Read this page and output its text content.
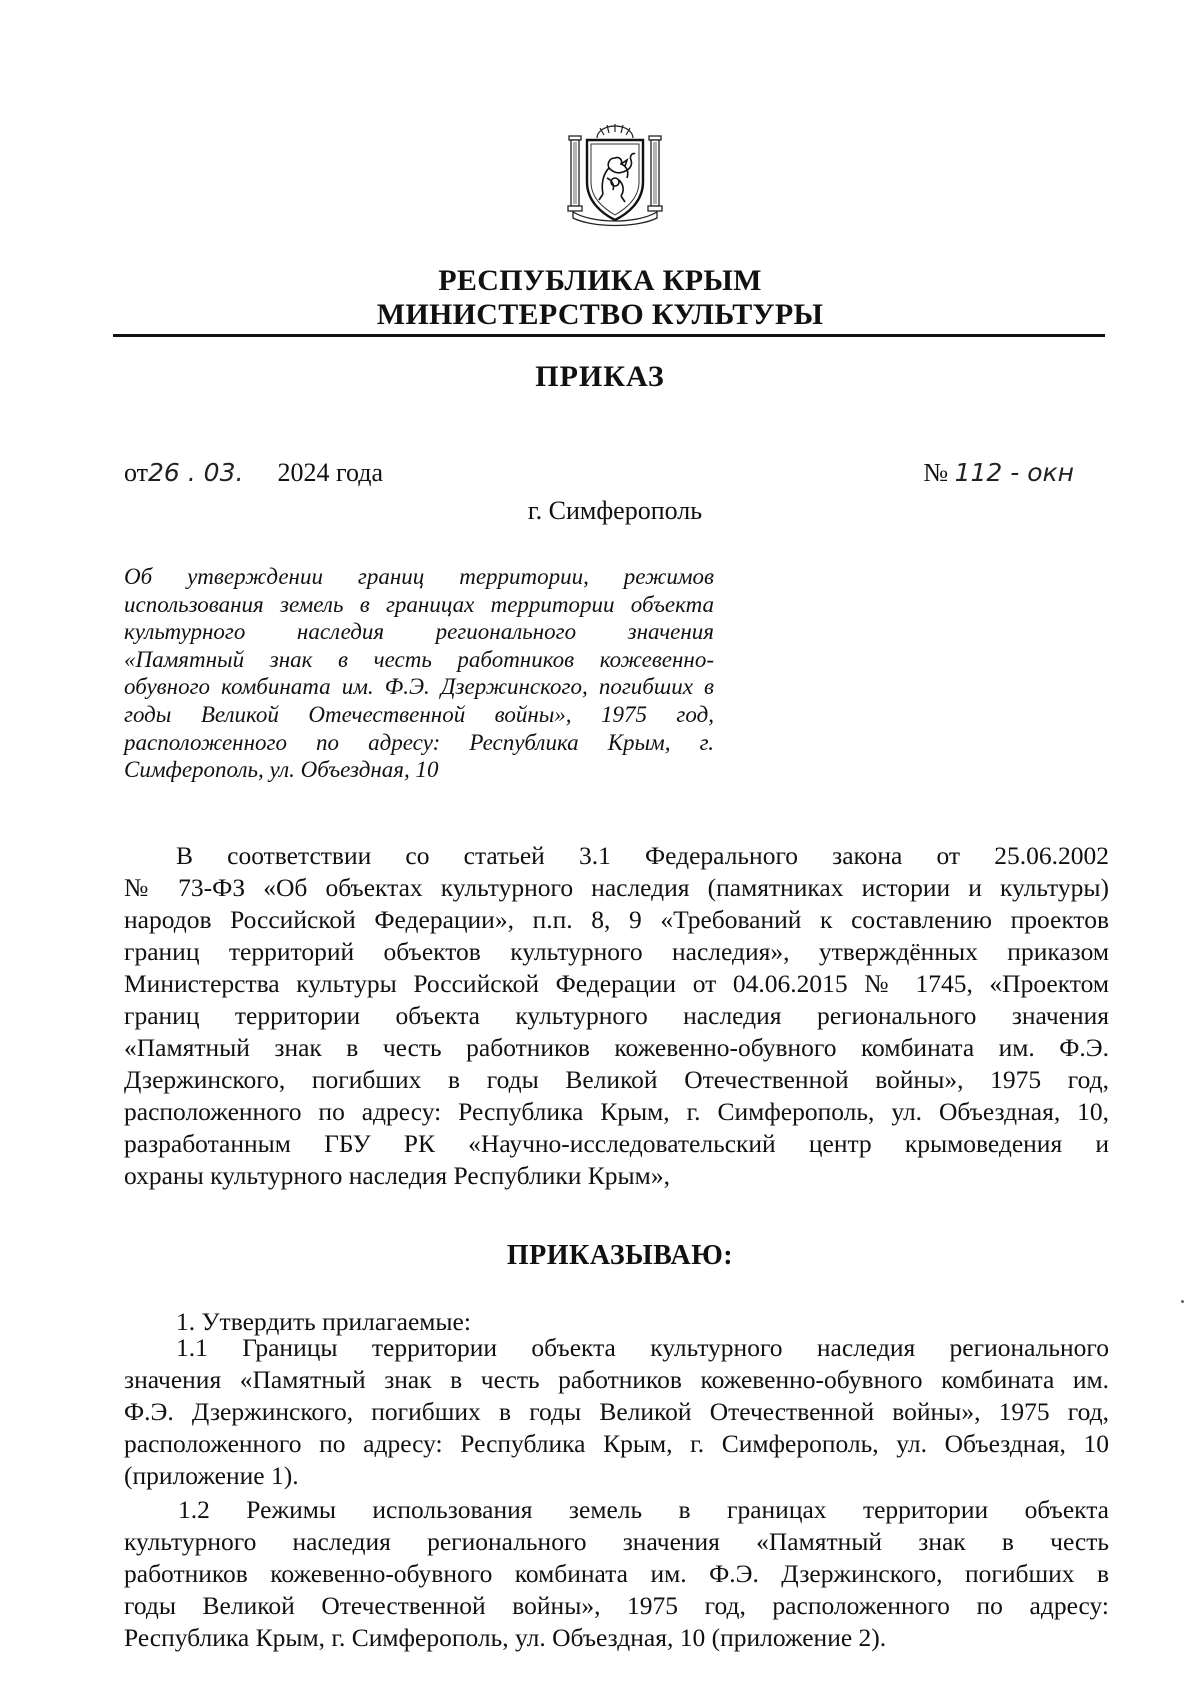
РЕСПУБЛИКА КРЫМ
МИНИСТЕРСТВО КУЛЬТУРЫ
ПРИКАЗ
от26 . 03. 2024 года	№ 112 - окн
г. Симферополь
Об утверждении границ территории, режимов
использования земель в границах территории объекта
культурного наследия регионального значения
«Памятный знак в честь работников кожевенно-
обувного комбината им. Ф.Э. Дзержинского, погибших в
годы Великой Отечественной войны», 1975 год,
расположенного по адресу: Республика Крым, г.
Симферополь, ул. Объездная, 10
В соответствии со статьей 3.1 Федерального закона от 25.06.2002
№ 73-ФЗ «Об объектах культурного наследия (памятниках истории и культуры)
народов Российской Федерации», п.п. 8, 9 «Требований к составлению проектов
границ территорий объектов культурного наследия», утверждённых приказом
Министерства культуры Российской Федерации от 04.06.2015 № 1745, «Проектом
границ территории объекта культурного наследия регионального значения
«Памятный знак в честь работников кожевенно-обувного комбината им. Ф.Э.
Дзержинского, погибших в годы Великой Отечественной войны», 1975 год,
расположенного по адресу: Республика Крым, г. Симферополь, ул. Объездная, 10,
разработанным ГБУ РК «Научно-исследовательский центр крымоведения и
охраны культурного наследия Республики Крым»,
ПРИКАЗЫВАЮ:
1. Утвердить прилагаемые:
1.1 Границы территории объекта культурного наследия регионального
значения «Памятный знак в честь работников кожевенно-обувного комбината им.
Ф.Э. Дзержинского, погибших в годы Великой Отечественной войны», 1975 год,
расположенного по адресу: Республика Крым, г. Симферополь, ул. Объездная, 10
(приложение 1).
1.2 Режимы использования земель в границах территории объекта
культурного наследия регионального значения «Памятный знак в честь
работников кожевенно-обувного комбината им. Ф.Э. Дзержинского, погибших в
годы Великой Отечественной войны», 1975 год, расположенного по адресу:
Республика Крым, г. Симферополь, ул. Объездная, 10 (приложение 2).
